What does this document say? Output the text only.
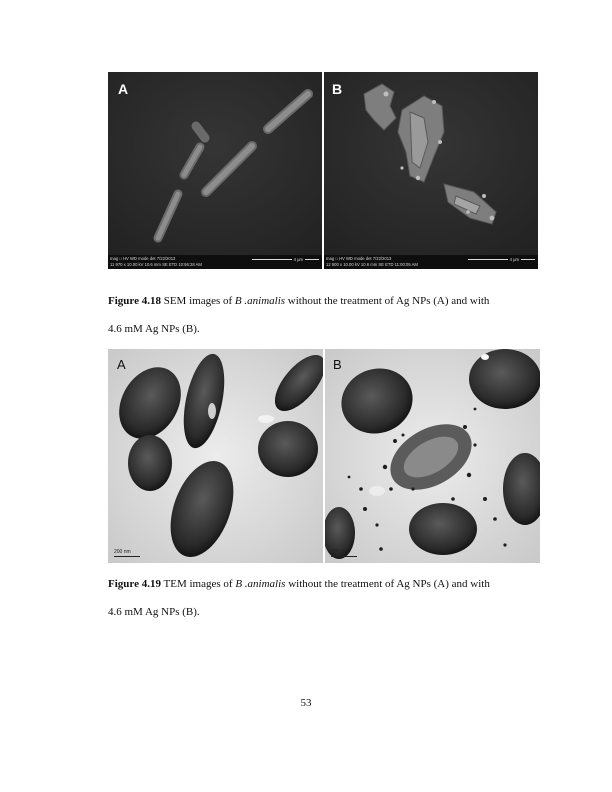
A
mag □ HV WD mode det 7/22/2013
11 970 x 10.00 kV 10.6 mm SE ETD 10:56:28 AM
4 μm
B
mag □ HV WD mode det 7/22/2013
12 500 x 10.00 kV 10.6 mm SE ETD 11:00:05 AM
4 μm
Figure 4.18 SEM images of B .animalis without the treatment of Ag NPs (A) and with
4.6 mM Ag NPs (B).
A
200 nm
B
200 nm
Figure 4.19 TEM images of B .animalis without the treatment of Ag NPs (A) and with
4.6 mM Ag NPs (B).
53
